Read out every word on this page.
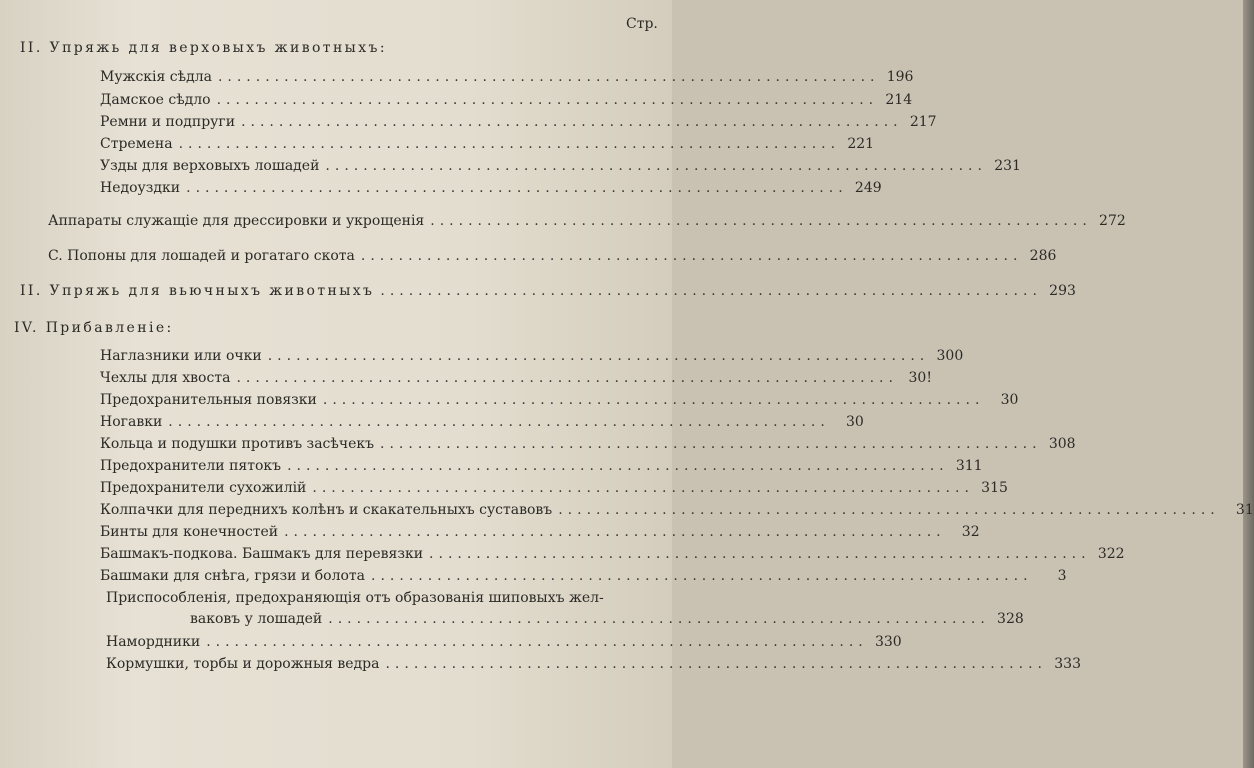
Стр.
II. Упряжь для верховыхъ животныхъ:
Мужскія сѣдла ...................................................................... 196
Дамское сѣдло ...................................................................... 214
Ремни и подпруги ...................................................................... 217
Стремена ...................................................................... 221
Узды для верховыхъ лошадей ...................................................................... 231
Недоуздки ...................................................................... 249
Аппараты служащіе для дрессировки и укрощенія ...................................................................... 272
C. Попоны для лошадей и рогатаго скота ...................................................................... 286
II. Упряжь для вьючныхъ животныхъ ...................................................................... 293
IV. Прибавленіе:
Наглазники или очки ...................................................................... 300
Чехлы для хвоста ...................................................................... 30!
Предохранительныя повязки ......................................................................	30
Ногавки ......................................................................	30
Кольца и подушки противъ засѣчекъ ...................................................................... 308
Предохранители пятокъ ...................................................................... 311
Предохранители сухожилій ...................................................................... 315
Колпачки для переднихъ колѣнъ и скакательныхъ суставовъ ......................................................................	31
Бинты для конечностей ......................................................................	32
Башмакъ-подкова. Башмакъ для перевязки ...................................................................... 322
Башмаки для снѣга, грязи и болота ......................................................................	3
Приспособленія, предохраняющія отъ образованія шиповыхъ жел-
ваковъ у лошадей ...................................................................... 328
Намордники ...................................................................... 330
Кормушки, торбы и дорожныя ведра ...................................................................... 333
